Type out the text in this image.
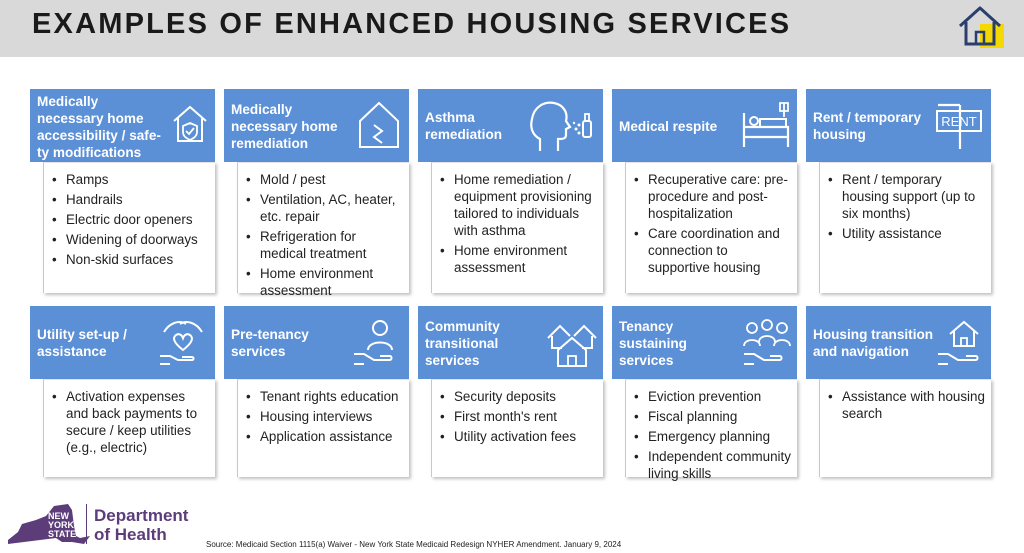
EXAMPLES OF ENHANCED HOUSING SERVICES
Medically
necessary home
accessibility / safe-
ty modifications
• Ramps
• Handrails
• Electric door openers
• Widening of doorways
• Non-skid surfaces
Medically
necessary home
remediation
• Mold / pest
• Ventilation, AC, heater, etc. repair
• Refrigeration for medical treatment
• Home environment assessment
Asthma
remediation
• Home remediation / equipment provisioning tailored to individuals with asthma
• Home environment assessment
Medical respite
• Recuperative care: pre-procedure and post-hospitalization
• Care coordination and connection to supportive housing
Rent / temporary
housing
RENT
• Rent / temporary housing support (up to six months)
• Utility assistance
Utility set-up /
assistance
• Activation expenses and back payments to secure / keep utilities (e.g., electric)
Pre-tenancy
services
• Tenant rights education
• Housing interviews
• Application assistance
Community
transitional
services
• Security deposits
• First month's rent
• Utility activation fees
Tenancy
sustaining
services
• Eviction prevention
• Fiscal planning
• Emergency planning
• Independent community living skills
Housing transition
and navigation
• Assistance with housing search
NEW
YORK
STATE
Department
of Health
Source: Medicaid Section 1115(a) Waiver - New York State Medicaid Redesign NYHER Amendment. January 9, 2024
